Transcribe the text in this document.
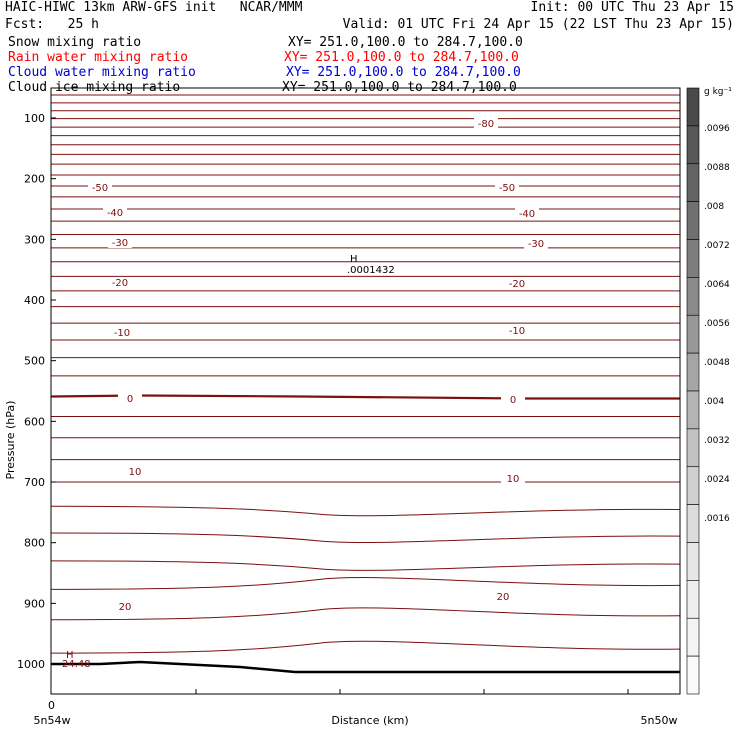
HAIC-HIWC 13km ARW-GFS init   NCAR/MMM	Init: 00 UTC Thu 23 Apr 15
Fcst:   25 h	Valid: 01 UTC Fri 24 Apr 15 (22 LST Thu 23 Apr 15)
Snow mixing ratio	XY= 251.0,100.0 to 284.7,100.0
Rain water mixing ratio	XY= 251.0,100.0 to 284.7,100.0
Cloud water mixing ratio	XY= 251.0,100.0 to 284.7,100.0
Cloud ice mixing ratio	XY= 251.0,100.0 to 284.7,100.0
100
200
300
400
500
600
700
800
900
1000
-80
-50	-50
-40	-40
-30	-30
-20	-20
-10	-10
0	0
10
10
20
20
H
.0001432
H
24.48
Pressure (hPa)
0
5n54w	Distance (km)	5n50w
.0096
.0088
.008
.0072
.0064
.0056
.0048
.004
.0032
.0024
.0016
g kg⁻¹
